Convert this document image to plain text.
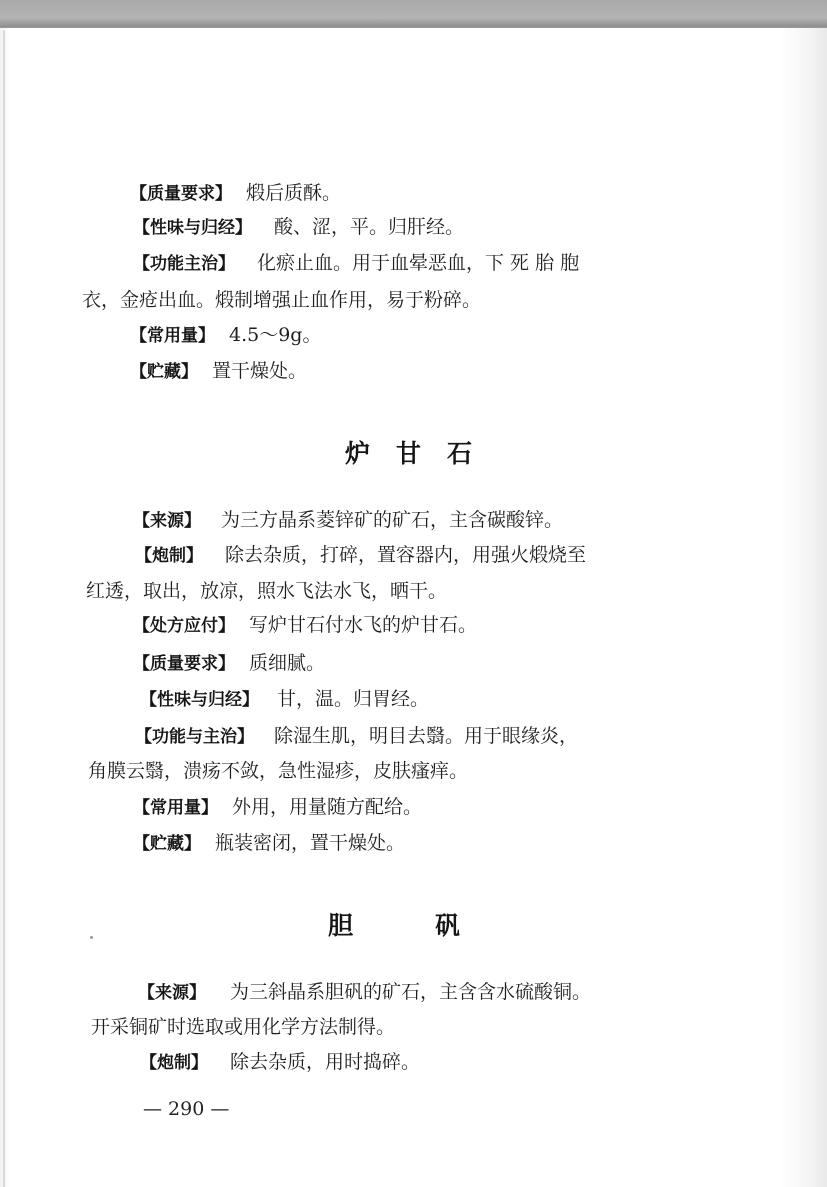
【质量要求】 煅后质酥。
【性味与归经】 酸、涩，平。归肝经。
【功能主治】 化瘀止血。用于血晕恶血，下 死 胎 胞
衣，金疮出血。煅制增强止血作用，易于粉碎。
【常用量】 4.5～9g。
【贮藏】 置干燥处。
炉 甘 石
【来源】 为三方晶系菱锌矿的矿石，主含碳酸锌。
【炮制】 除去杂质，打碎，置容器内，用强火煅烧至
红透，取出，放凉，照水飞法水飞，晒干。
【处方应付】 写炉甘石付水飞的炉甘石。
【质量要求】 质细腻。
【性味与归经】 甘，温。归胃经。
【功能与主治】 除湿生肌，明目去翳。用于眼缘炎，
角膜云翳，溃疡不敛，急性湿疹，皮肤瘙痒。
【常用量】 外用，用量随方配给。
【贮藏】 瓶装密闭，置干燥处。
胆	矾
【来源】 为三斜晶系胆矾的矿石，主含含水硫酸铜。
开采铜矿时选取或用化学方法制得。
【炮制】 除去杂质，用时捣碎。
— 290 —
